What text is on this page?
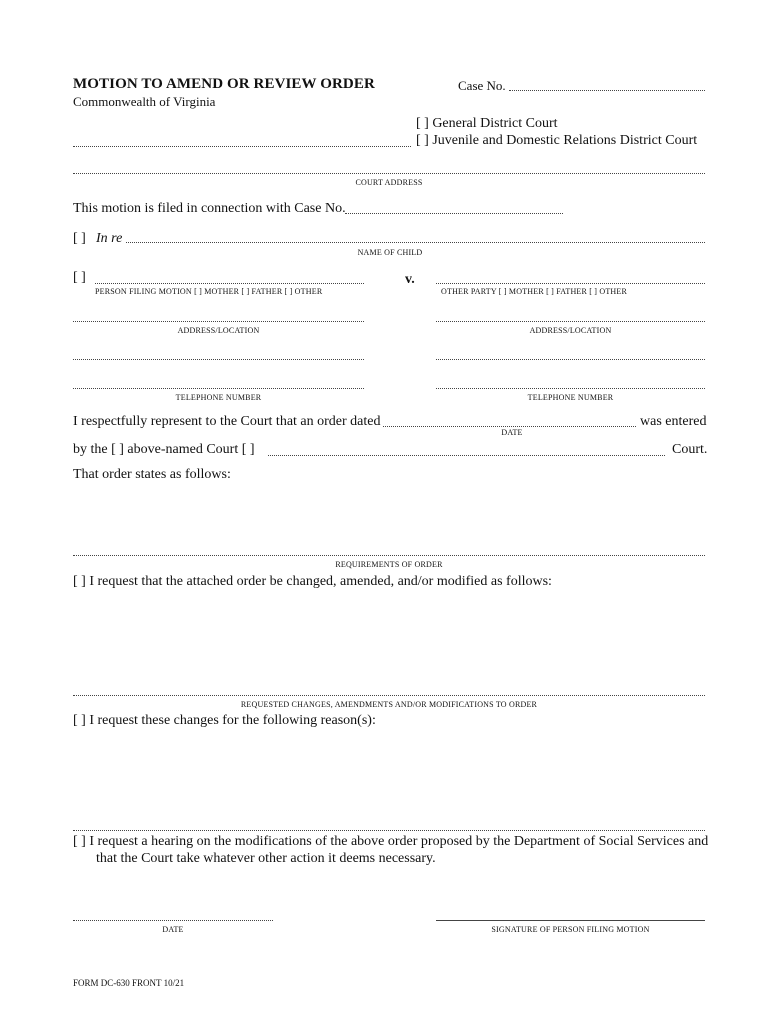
MOTION TO AMEND OR REVIEW ORDER
Commonwealth of Virginia
Case No.
[ ] General District Court
[ ] Juvenile and Domestic Relations District Court
COURT ADDRESS
This motion is filed in connection with Case No.
[ ] In re
NAME OF CHILD
[ ]	v.
PERSON FILING MOTION [ ] MOTHER [ ] FATHER [ ] OTHER	OTHER PARTY [ ] MOTHER [ ] FATHER [ ] OTHER
ADDRESS/LOCATION	ADDRESS/LOCATION
TELEPHONE NUMBER	TELEPHONE NUMBER
I respectfully represent to the Court that an order dated	was entered
DATE
by the [ ] above-named Court [ ]	Court.
That order states as follows:
REQUIREMENTS OF ORDER
[ ] I request that the attached order be changed, amended, and/or modified as follows:
REQUESTED CHANGES, AMENDMENTS AND/OR MODIFICATIONS TO ORDER
[ ] I request these changes for the following reason(s):
[ ] I request a hearing on the modifications of the above order proposed by the Department of Social Services and
that the Court take whatever other action it deems necessary.
DATE	SIGNATURE OF PERSON FILING MOTION
FORM DC-630 FRONT 10/21
